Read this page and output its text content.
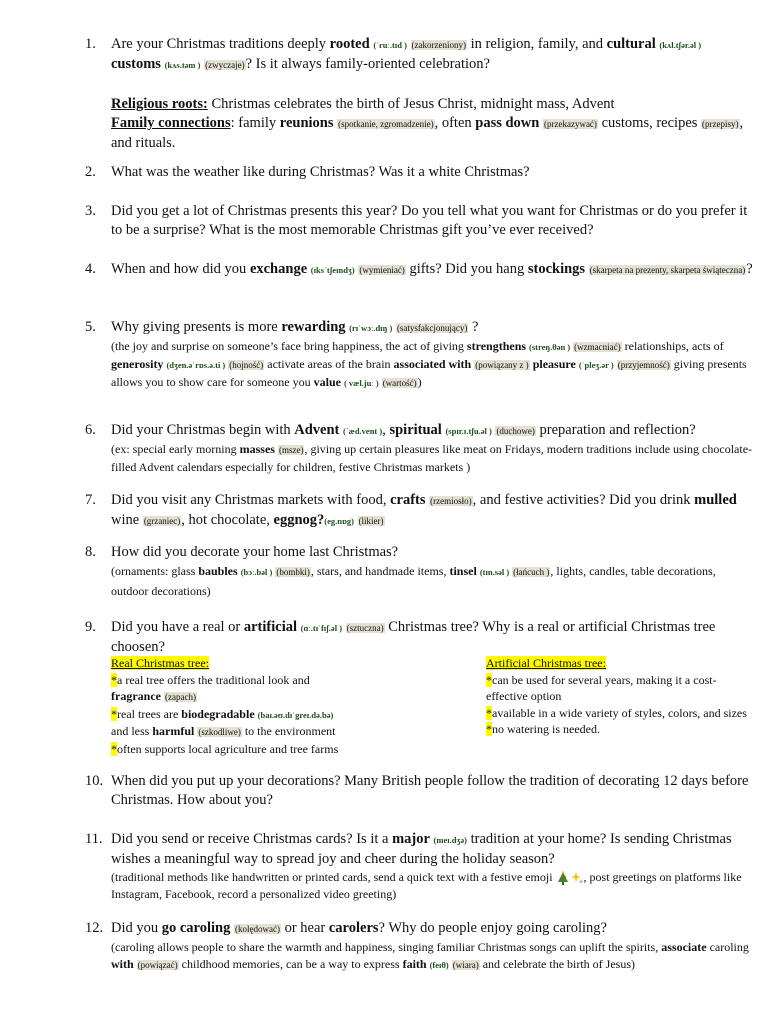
1.	Are your Christmas traditions deeply rooted (ˈruː.tɪd ) (zakorzeniony) in religion, family, and cultural (kʌl.tʃər.əl ) customs (kʌs.təm ) (zwyczaje)? Is it always family-oriented celebration?
Religious roots: Christmas celebrates the birth of Jesus Christ, midnight mass, Advent
Family connections: family reunions (spotkanie, zgromadzenie), often pass down (przekazywać) customs, recipes (przepisy), and rituals.
2.	What was the weather like during Christmas? Was it a white Christmas?
3.	Did you get a lot of Christmas presents this year? Do you tell what you want for Christmas or do you prefer it to be a surprise? What is the most memorable Christmas gift you’ve ever received?
4.	When and how did you exchange (ɪksˈtʃeɪndʒ) (wymieniać) gifts? Did you hang stockings (skarpeta na prezenty, skarpeta świąteczna)?
5.	Why giving presents is more rewarding (rɪˈwɔː.dɪŋ ) (satysfakcjonujący) ?
(the joy and surprise on someone’s face bring happiness, the act of giving strengthens (streŋ.θən ) (wzmacniać) relationships, acts of generosity (dʒen.əˈrɒs.ə.ti ) (hojność) activate areas of the brain associated with (powiązany z ) pleasure (ˈpleʒ.ər ) (przyjemność) giving presents allows you to show care for someone you value ( væl.juː ) (wartość))
6.	Did your Christmas begin with Advent (ˈæd.vent ), spiritual (spɪr.ɪ.tʃu.əl ) (duchowe) preparation and reflection?
(ex: special early morning masses (msze), giving up certain pleasures like meat on Fridays, modern traditions include using chocolate-filled Advent calendars especially for children, festive Christmas markets )
7.	Did you visit any Christmas markets with food, crafts (rzemiosło), and festive activities? Did you drink mulled wine (grzaniec), hot chocolate, eggnog?(eg.nɒg) (likier)
8.	How did you decorate your home last Christmas?
(ornaments: glass baubles (bɔː.bəl ) (bombki), stars, and handmade items, tinsel (tɪn.səl ) (łańcuch ), lights, candles, table decorations, outdoor decorations)
9.	Did you have a real or artificial (ɑː.tɪˈfɪʃ.əl ) (sztuczna) Christmas tree? Why is a real or artificial Christmas tree choosen?
Real Christmas tree:
*a real tree offers the traditional look and
fragrance (zapach)
*real trees are biodegradable (baɪ.əʊ.dɪˈgreɪ.də.bə)
and less harmful (szkodliwe) to the environment
*often supports local agriculture and tree farms
Artificial Christmas tree:
*can be used for several years, making it a cost-effective option
*available in a wide variety of styles, colors, and sizes
*no watering is needed.
10. When did you put up your decorations? Many British people follow the tradition of decorating 12 days before Christmas. How about you?
11. Did you send or receive Christmas cards? Is it a major (meɪ.dʒə) tradition at your home? Is sending Christmas wishes a meaningful way to spread joy and cheer during the holiday season?
(traditional methods like handwritten or printed cards, send a quick text with a festive emoji , post greetings on platforms like Instagram, Facebook, record a personalized video greeting)
12. Did you go caroling (kolędować) or hear carolers? Why do people enjoy going caroling?
(caroling allows people to share the warmth and happiness, singing familiar Christmas songs can uplift the spirits, associate caroling with (powiązać) childhood memories, can be a way to express faith (feɪθ) (wiara) and celebrate the birth of Jesus)
